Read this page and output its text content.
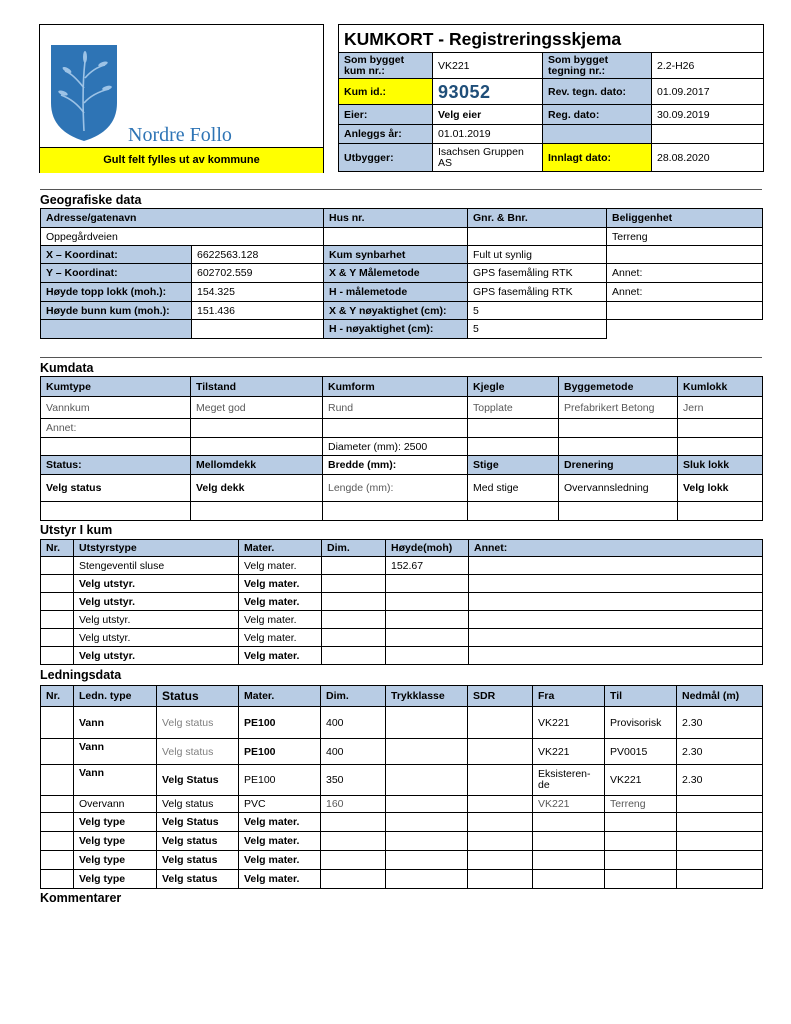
Nordre Follo
Gult felt fylles ut av kommune
KUMKORT - Registreringsskjema			
Som bygget kum nr.:	VK221	Som bygget tegning nr.:	2.2-H26
Kum id.:	93052	Rev. tegn. dato:	01.09.2017
Eier:	Velg eier	Reg. dato:	30.09.2019
Anleggs år:	01.01.2019		
Utbygger:	Isachsen Gruppen AS	Innlagt dato:	28.08.2020
Geografiske data
Adresse/gatenavn		Hus nr.	Gnr. & Bnr.	Beliggenhet
Oppegårdveien				Terreng
X – Koordinat:	6622563.128	Kum synbarhet	Fult ut synlig	
Y – Koordinat:	602702.559	X & Y Målemetode	GPS fasemåling RTK	Annet:
Høyde topp lokk (moh.):	154.325	H - målemetode	GPS fasemåling RTK	Annet:
Høyde bunn kum (moh.):	151.436	X & Y nøyaktighet (cm):	5	
		H - nøyaktighet (cm):	5	
Kumdata
Kumtype	Tilstand	Kumform	Kjegle	Byggemetode	Kumlokk
Vannkum	Meget god	Rund	Topplate	Prefabrikert Betong	Jern
Annet:					
		Diameter (mm): 2500			
Status:	Mellomdekk	Bredde (mm):	Stige	Drenering	Sluk lokk
Velg status	Velg dekk	Lengde (mm):	Med stige	Overvannsledning	Velg lokk

Utstyr I kum
Nr.	Utstyrstype	Mater.	Dim.	Høyde(moh)	Annet:
	Stengeventil sluse	Velg mater.		152.67	
	Velg utstyr.	Velg mater.			
	Velg utstyr.	Velg mater.			
	Velg utstyr.	Velg mater.			
	Velg utstyr.	Velg mater.			
	Velg utstyr.	Velg mater.			
Ledningsdata
Nr.	Ledn. type	Status	Mater.	Dim.	Trykklasse	SDR	Fra	Til	Nedmål (m)
	Vann	Velg status	PE100	400			VK221	Provisorisk	2.30
	Vann	Velg status	PE100	400			VK221	PV0015	2.30
	Vann	Velg Status	PE100	350			Eksisteren-de	VK221	2.30
	Overvann	Velg status	PVC	160			VK221	Terreng	
	Velg type	Velg Status	Velg mater.						
	Velg type	Velg status	Velg mater.						
	Velg type	Velg status	Velg mater.						
	Velg type	Velg status	Velg mater.						
Kommentarer
